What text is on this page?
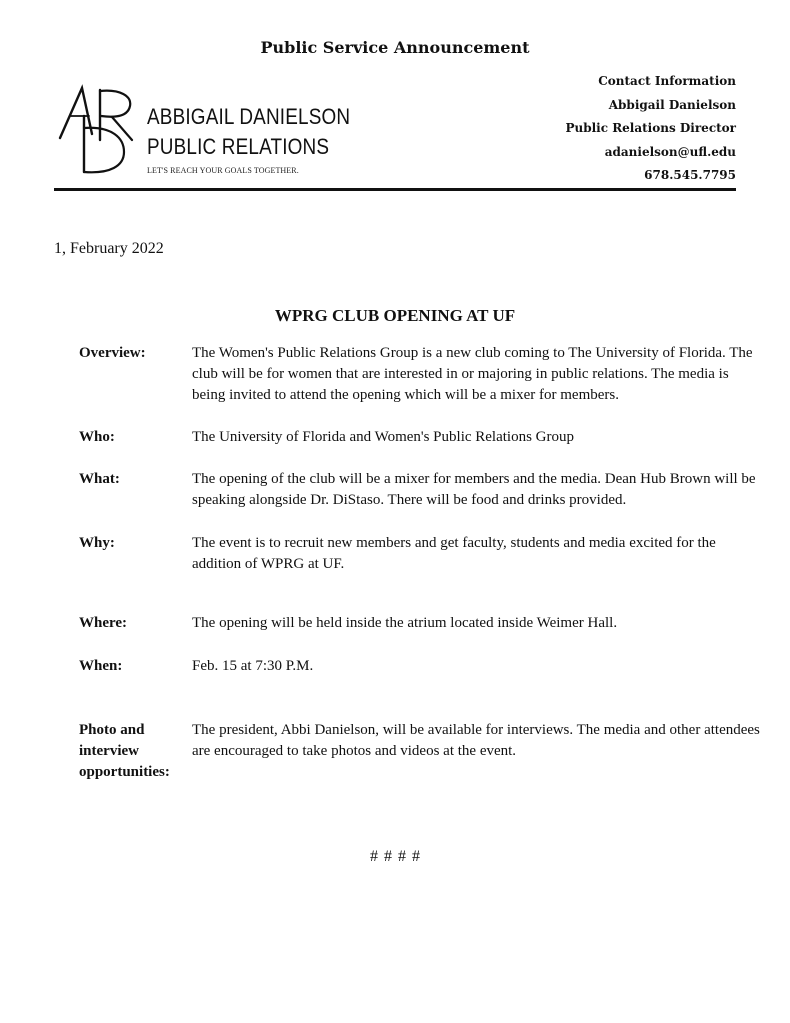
Public Service Announcement
ADP
ABBIGAIL DANIELSON
PUBLIC RELATIONS
LET'S REACH YOUR GOALS TOGETHER.
Contact Information
Abbigail Danielson
Public Relations Director
adanielson@ufl.edu
678.545.7795
1, February 2022
WPRG CLUB OPENING AT UF
Overview:	The Women's Public Relations Group is a new club coming to The University of Florida. The club will be for women that are interested in or majoring in public relations. The media is being invited to attend the opening which will be a mixer for members.
Who:	The University of Florida and Women's Public Relations Group
What:	The opening of the club will be a mixer for members and the media. Dean Hub Brown will be speaking alongside Dr. DiStaso. There will be food and drinks provided.
Why:	The event is to recruit new members and get faculty, students and media excited for the addition of WPRG at UF.
Where:	The opening will be held inside the atrium located inside Weimer Hall.
When:	Feb. 15 at 7:30 P.M.
Photo and interview opportunities:
The president, Abbi Danielson, will be available for interviews. The media and other attendees are encouraged to take photos and videos at the event.
# # # #
